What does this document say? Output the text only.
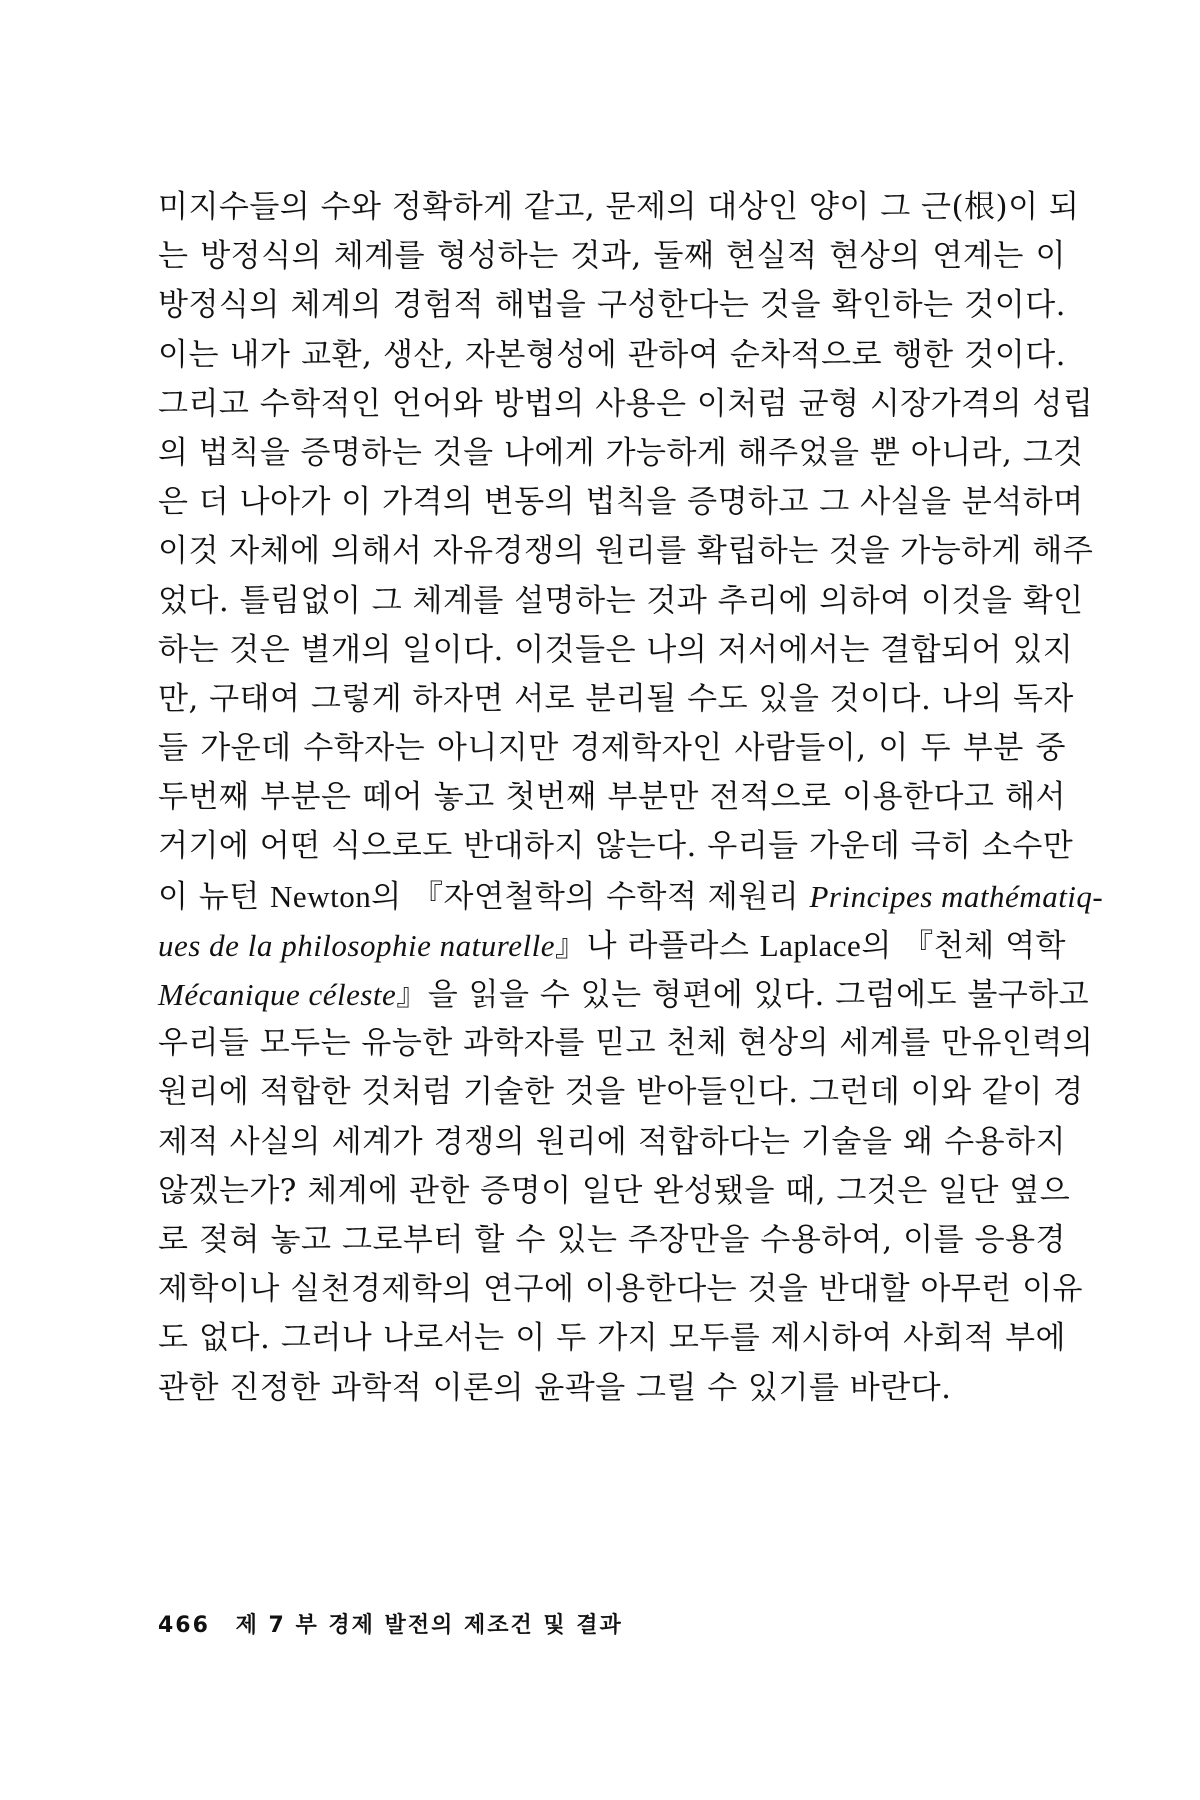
미지수들의 수와 정확하게 같고, 문제의 대상인 양이 그 근(根)이 되
는 방정식의 체계를 형성하는 것과, 둘째 현실적 현상의 연계는 이
방정식의 체계의 경험적 해법을 구성한다는 것을 확인하는 것이다.
이는 내가 교환, 생산, 자본형성에 관하여 순차적으로 행한 것이다.
그리고 수학적인 언어와 방법의 사용은 이처럼 균형 시장가격의 성립
의 법칙을 증명하는 것을 나에게 가능하게 해주었을 뿐 아니라, 그것
은 더 나아가 이 가격의 변동의 법칙을 증명하고 그 사실을 분석하며
이것 자체에 의해서 자유경쟁의 원리를 확립하는 것을 가능하게 해주
었다. 틀림없이 그 체계를 설명하는 것과 추리에 의하여 이것을 확인
하는 것은 별개의 일이다. 이것들은 나의 저서에서는 결합되어 있지
만, 구태여 그렇게 하자면 서로 분리될 수도 있을 것이다. 나의 독자
들 가운데 수학자는 아니지만 경제학자인 사람들이, 이 두 부분 중
두번째 부분은 떼어 놓고 첫번째 부분만 전적으로 이용한다고 해서
거기에 어떤 식으로도 반대하지 않는다. 우리들 가운데 극히 소수만
이 뉴턴 Newton의 『자연철학의 수학적 제원리 Principes mathématiq-
ues de la philosophie naturelle』나 라플라스 Laplace의 『천체 역학
Mécanique céleste』을 읽을 수 있는 형편에 있다. 그럼에도 불구하고
우리들 모두는 유능한 과학자를 믿고 천체 현상의 세계를 만유인력의
원리에 적합한 것처럼 기술한 것을 받아들인다. 그런데 이와 같이 경
제적 사실의 세계가 경쟁의 원리에 적합하다는 기술을 왜 수용하지
않겠는가? 체계에 관한 증명이 일단 완성됐을 때, 그것은 일단 옆으
로 젖혀 놓고 그로부터 할 수 있는 주장만을 수용하여, 이를 응용경
제학이나 실천경제학의 연구에 이용한다는 것을 반대할 아무런 이유
도 없다. 그러나 나로서는 이 두 가지 모두를 제시하여 사회적 부에
관한 진정한 과학적 이론의 윤곽을 그릴 수 있기를 바란다.
466 제 7 부 경제 발전의 제조건 및 결과
